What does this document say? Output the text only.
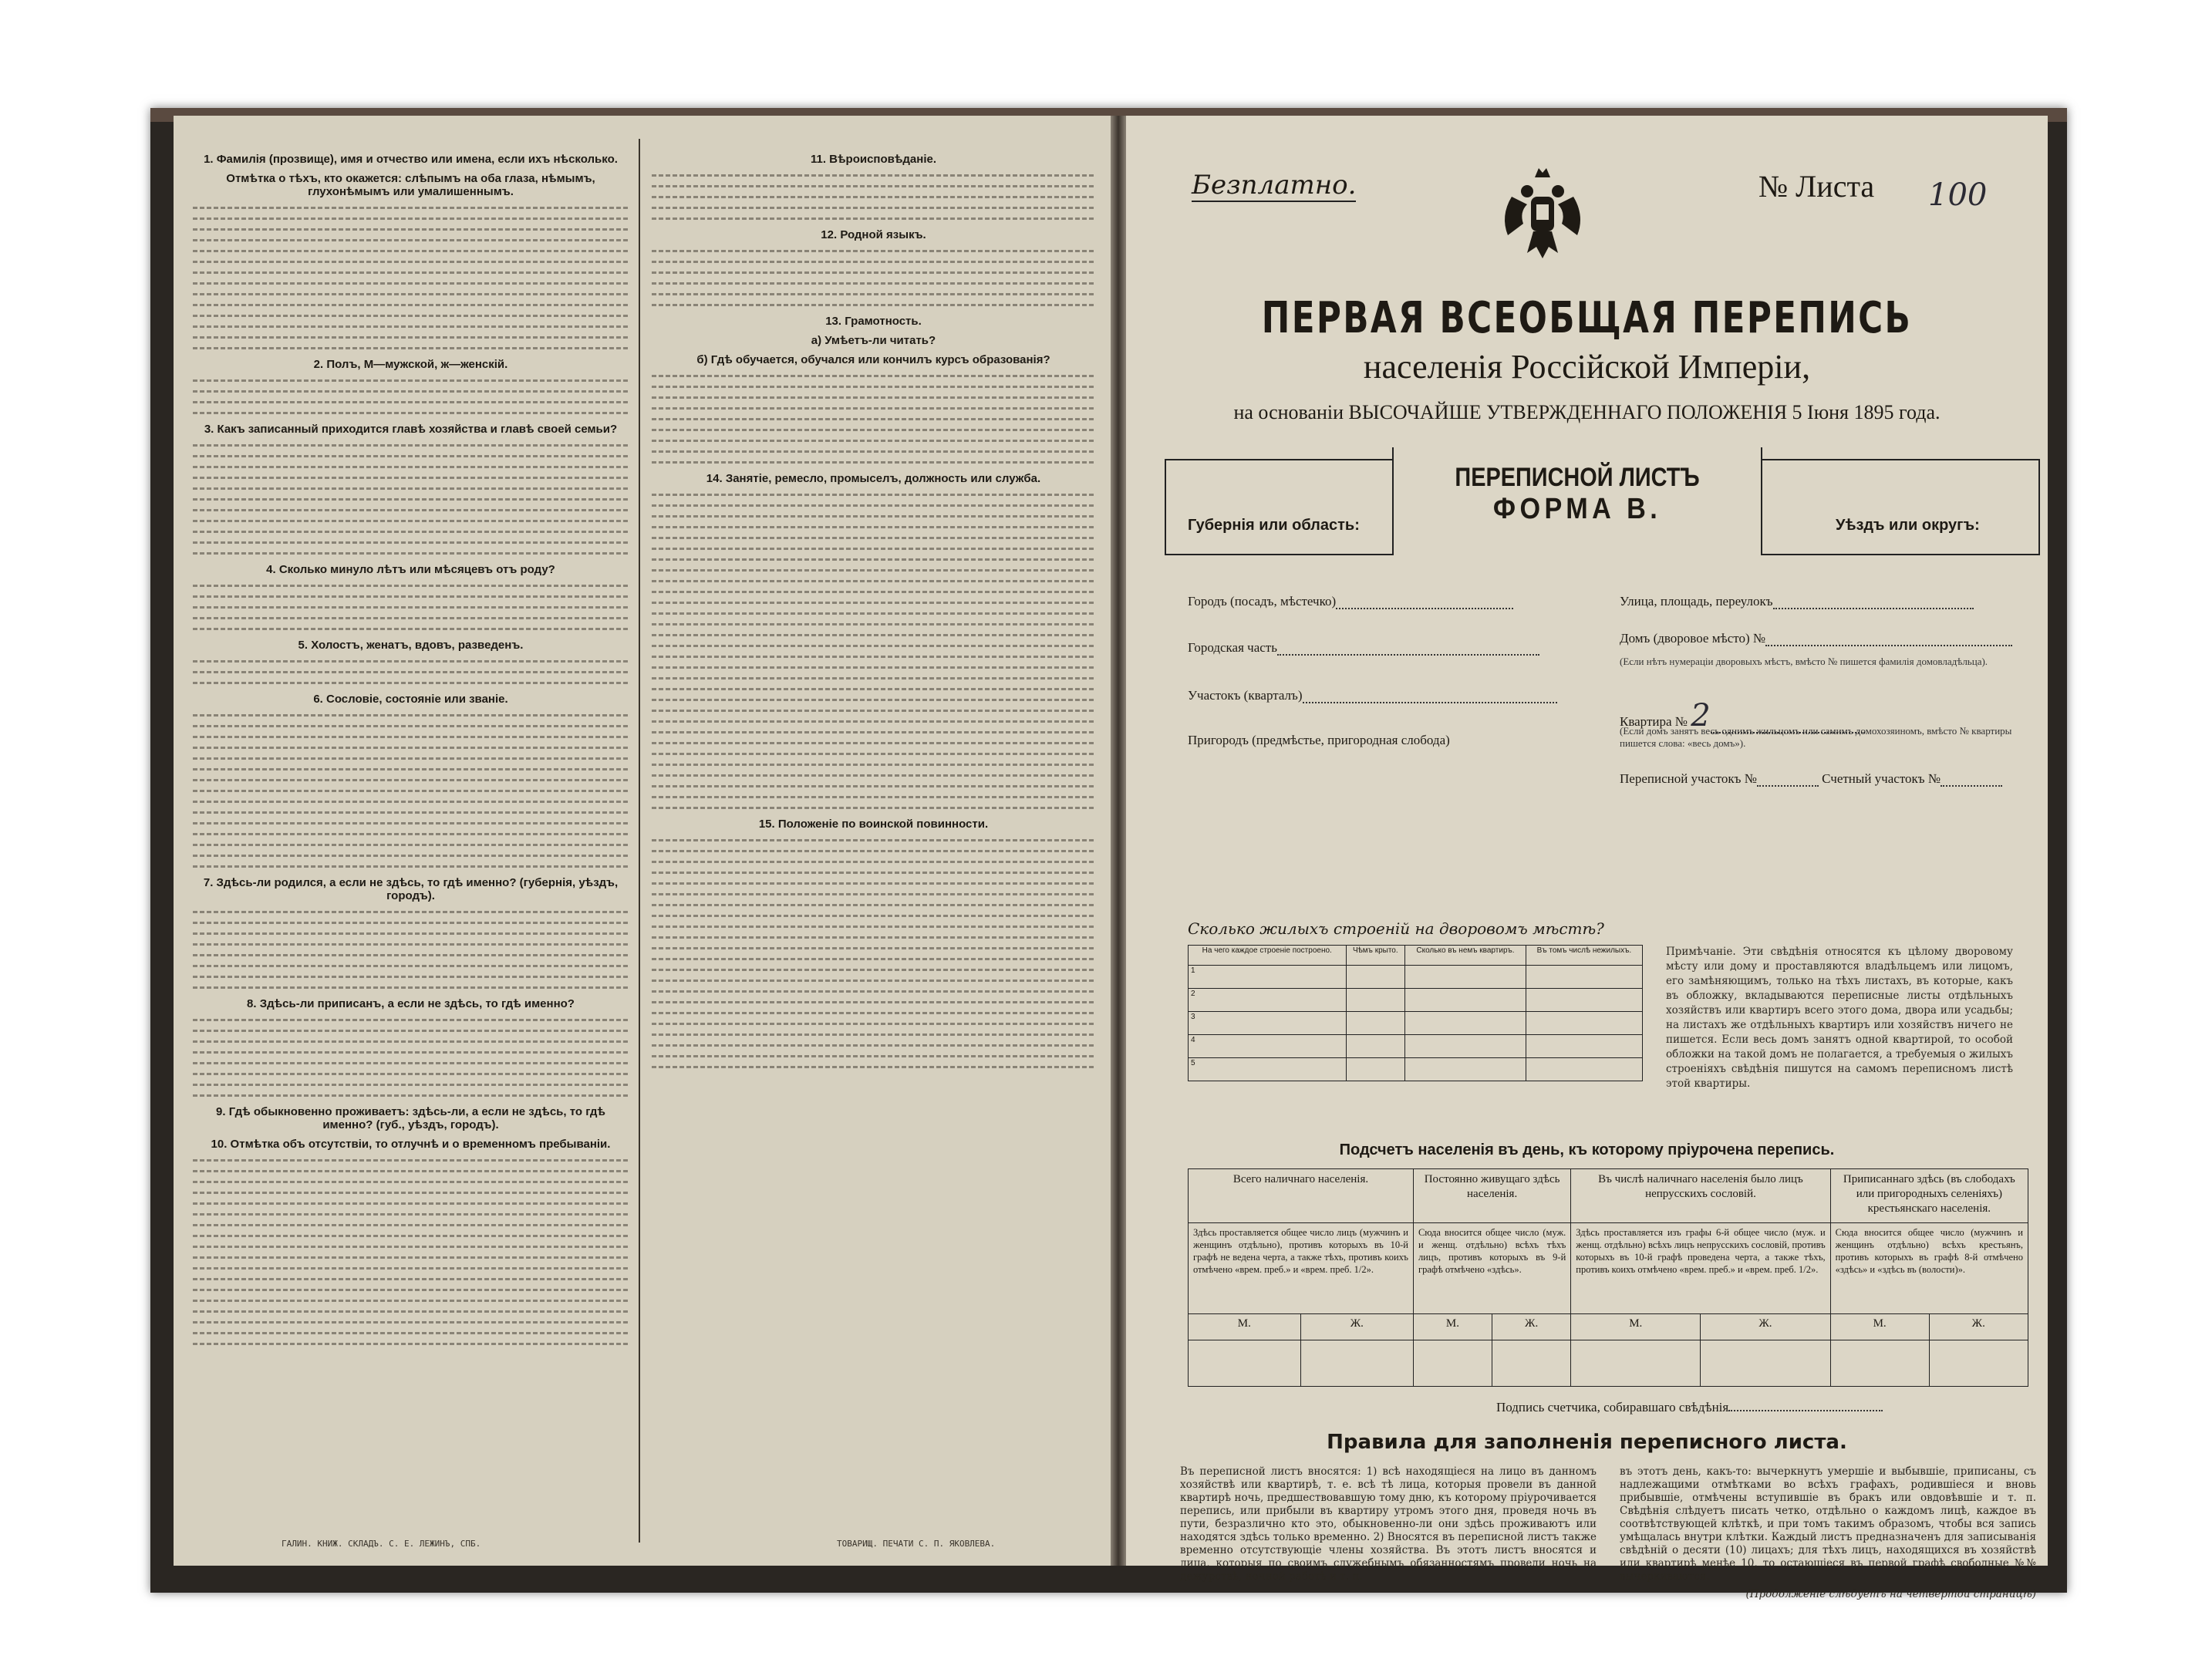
1. Фамилія (прозвище), имя и отчество или имена, если ихъ нѣсколько.
Отмѣтка о тѣхъ, кто окажется: слѣпымъ на оба глаза, нѣмымъ, глухонѣмымъ или умалишеннымъ.
2. Полъ, М—мужской, ж—женскій.
3. Какъ записанный приходится главѣ хозяйства и главѣ своей семьи?
4. Сколько минуло лѣтъ или мѣсяцевъ отъ роду?
5. Холостъ, женатъ, вдовъ, разведенъ.
6. Сословіе, состояніе или званіе.
7. Здѣсь-ли родился, а если не здѣсь, то гдѣ именно? (губернія, уѣздъ, городъ).
8. Здѣсь-ли приписанъ, а если не здѣсь, то гдѣ именно?
9. Гдѣ обыкновенно проживаетъ: здѣсь-ли, а если не здѣсь, то гдѣ именно? (губ., уѣздъ, городъ).
10. Отмѣтка объ отсутствіи, то отлучнѣ и о временномъ пребываніи.
11. Вѣроисповѣданіе.
12. Родной языкъ.
13. Грамотность.
а) Умѣетъ-ли читать?
б) Гдѣ обучается, обучался или кончилъ курсъ образованія?
14. Занятіе, ремесло, промыселъ, должность или служба.
15. Положеніе по воинской повинности.
ГАЛИН. КНИЖ. СКЛАДЪ. С. Е. ЛЕЖИНЪ, СПБ.	ТОВАРИЩ. ПЕЧАТИ С. П. ЯКОВЛЕВА.
Безплатно.	№ Листа 100
ПЕРВАЯ ВСЕОБЩАЯ ПЕРЕПИСЬ
населенія Россійской Имперіи,
на основаніи ВЫСОЧАЙШЕ УТВЕРЖДЕННАГО ПОЛОЖЕНІЯ 5 Іюня 1895 года.
Губернія или область:	Уѣздъ или округъ:
ПЕРЕПИСНОЙ ЛИСТЪ
ФОРМА В.
Городъ (посадъ, мѣстечко)
Городская часть
Участокъ (кварталъ)
Пригородъ (предмѣстье, пригородная слобода)
Улица, площадь, переулокъ
Домъ (дворовое мѣсто) №
(Если нѣтъ нумераціи дворовыхъ мѣстъ, вмѣсто № пишется фамилія домовладѣльца).
Квартира № 2
(Если домъ занятъ весь однимъ жильцомъ или самимъ домохозяиномъ, вмѣсто № квартиры пишется слова: «весь домъ»).
Переписной участокъ №	Счетный участокъ №
Сколько жилыхъ строеній на дворовомъ мѣстѣ?
На чего каждое строеніе построено.	Чѣмъ крыто.	Сколько въ немъ квартиръ.	Въ томъ числѣ нежилыхъ.
1			
2			
3			
4			
5			
Примѣчаніе. Эти свѣдѣнія относятся къ цѣлому дворовому мѣсту или дому и проставляются владѣльцемъ или лицомъ, его замѣняющимъ, только на тѣхъ листахъ, въ которые, какъ въ обложку, вкладываются переписные листы отдѣльныхъ хозяйствъ или квартиръ всего этого дома, двора или усадьбы; на листахъ же отдѣльныхъ квартиръ или хозяйствъ ничего не пишется. Если весь домъ занятъ одной квартирой, то особой обложки на такой домъ не полагается, а требуемыя о жилыхъ строеніяхъ свѣдѣнія пишутся на самомъ переписномъ листѣ этой квартиры.
Подсчетъ населенія въ день, къ которому пріурочена перепись.
Всего наличнаго населенія.		Постоянно живущаго здѣсь населенія.		Въ числѣ наличнаго населенія было лицъ непрусскихъ сословій.		Приписаннаго здѣсь (въ слободахъ или пригородныхъ селеніяхъ) крестьянскаго населенія.	
Здѣсь проставляется общее число лицъ (мужчинъ и женщинъ отдѣльно), противъ которыхъ въ 10-й графѣ не ведена черта, а также тѣхъ, противъ коихъ отмѣчено «врем. преб.» и «врем. преб. 1/2».		Сюда вносится общее число (муж. и женщ. отдѣльно) всѣхъ тѣхъ лицъ, противъ которыхъ въ 9-й графѣ отмѣчено «здѣсь».		Здѣсь проставляется изъ графы 6-й общее число (муж. и женщ. отдѣльно) всѣхъ лицъ непрусскихъ сословій, противъ которыхъ въ 10-й графѣ проведена черта, а также тѣхъ, противъ коихъ отмѣчено «врем. преб.» и «врем. преб. 1/2».		Сюда вносится общее число (мужчинъ и женщинъ отдѣльно) всѣхъ крестьянъ, противъ которыхъ въ графѣ 8-й отмѣчено «здѣсь» и «здѣсь въ (волости)».	
М.	Ж.	М.	Ж.	М.	Ж.	М.	Ж.

Подпись счетчика, собиравшаго свѣдѣнія
Правила для заполненія переписного листа.
Въ переписной листъ вносятся: 1) всѣ находящіеся на лицо въ данномъ хозяйствѣ или квартирѣ, т. е. всѣ тѣ лица, которыя провели въ данной квартирѣ ночь, предшествовавшую тому дню, къ которому пріурочивается перепись, или прибыли въ квартиру утромъ этого дня, проведя ночь въ пути, безразлично кто это, обыкновенно-ли они здѣсь проживаютъ или находятся здѣсь только временно. 2) Вносятся въ переписной листъ также временно отсутствующіе члены хозяйства. Въ этотъ листъ вносятся и лица, которыя по своимъ служебнымъ обязанностямъ проведи ночь на дежурствѣ, ночной работѣ и т. п.
въ этотъ день, какъ-то: вычеркнутъ умершіе и выбывшіе, приписаны, съ надлежащими отмѣтками во всѣхъ графахъ, родившіеся и вновь прибывшіе, отмѣчены вступившіе въ бракъ или овдовѣвшіе и т. п. Свѣдѣнія слѣдуетъ писать четко, отдѣльно о каждомъ лицѣ, каждое въ соотвѣтствующей клѣткѣ, и при томъ такимъ образомъ, чтобы вся запись умѣщалась внутри клѣтки. Каждый листъ предназначенъ для записыванія свѣдѣній о десяти (10) лицахъ; для тѣхъ лицъ, находящихся въ хозяйствѣ или квартирѣ менѣе 10, то остающіеся въ первой графѣ свободные №№ вычеркиваются.
(Продолженіе слѣдуетъ на четвертой страницѣ)
